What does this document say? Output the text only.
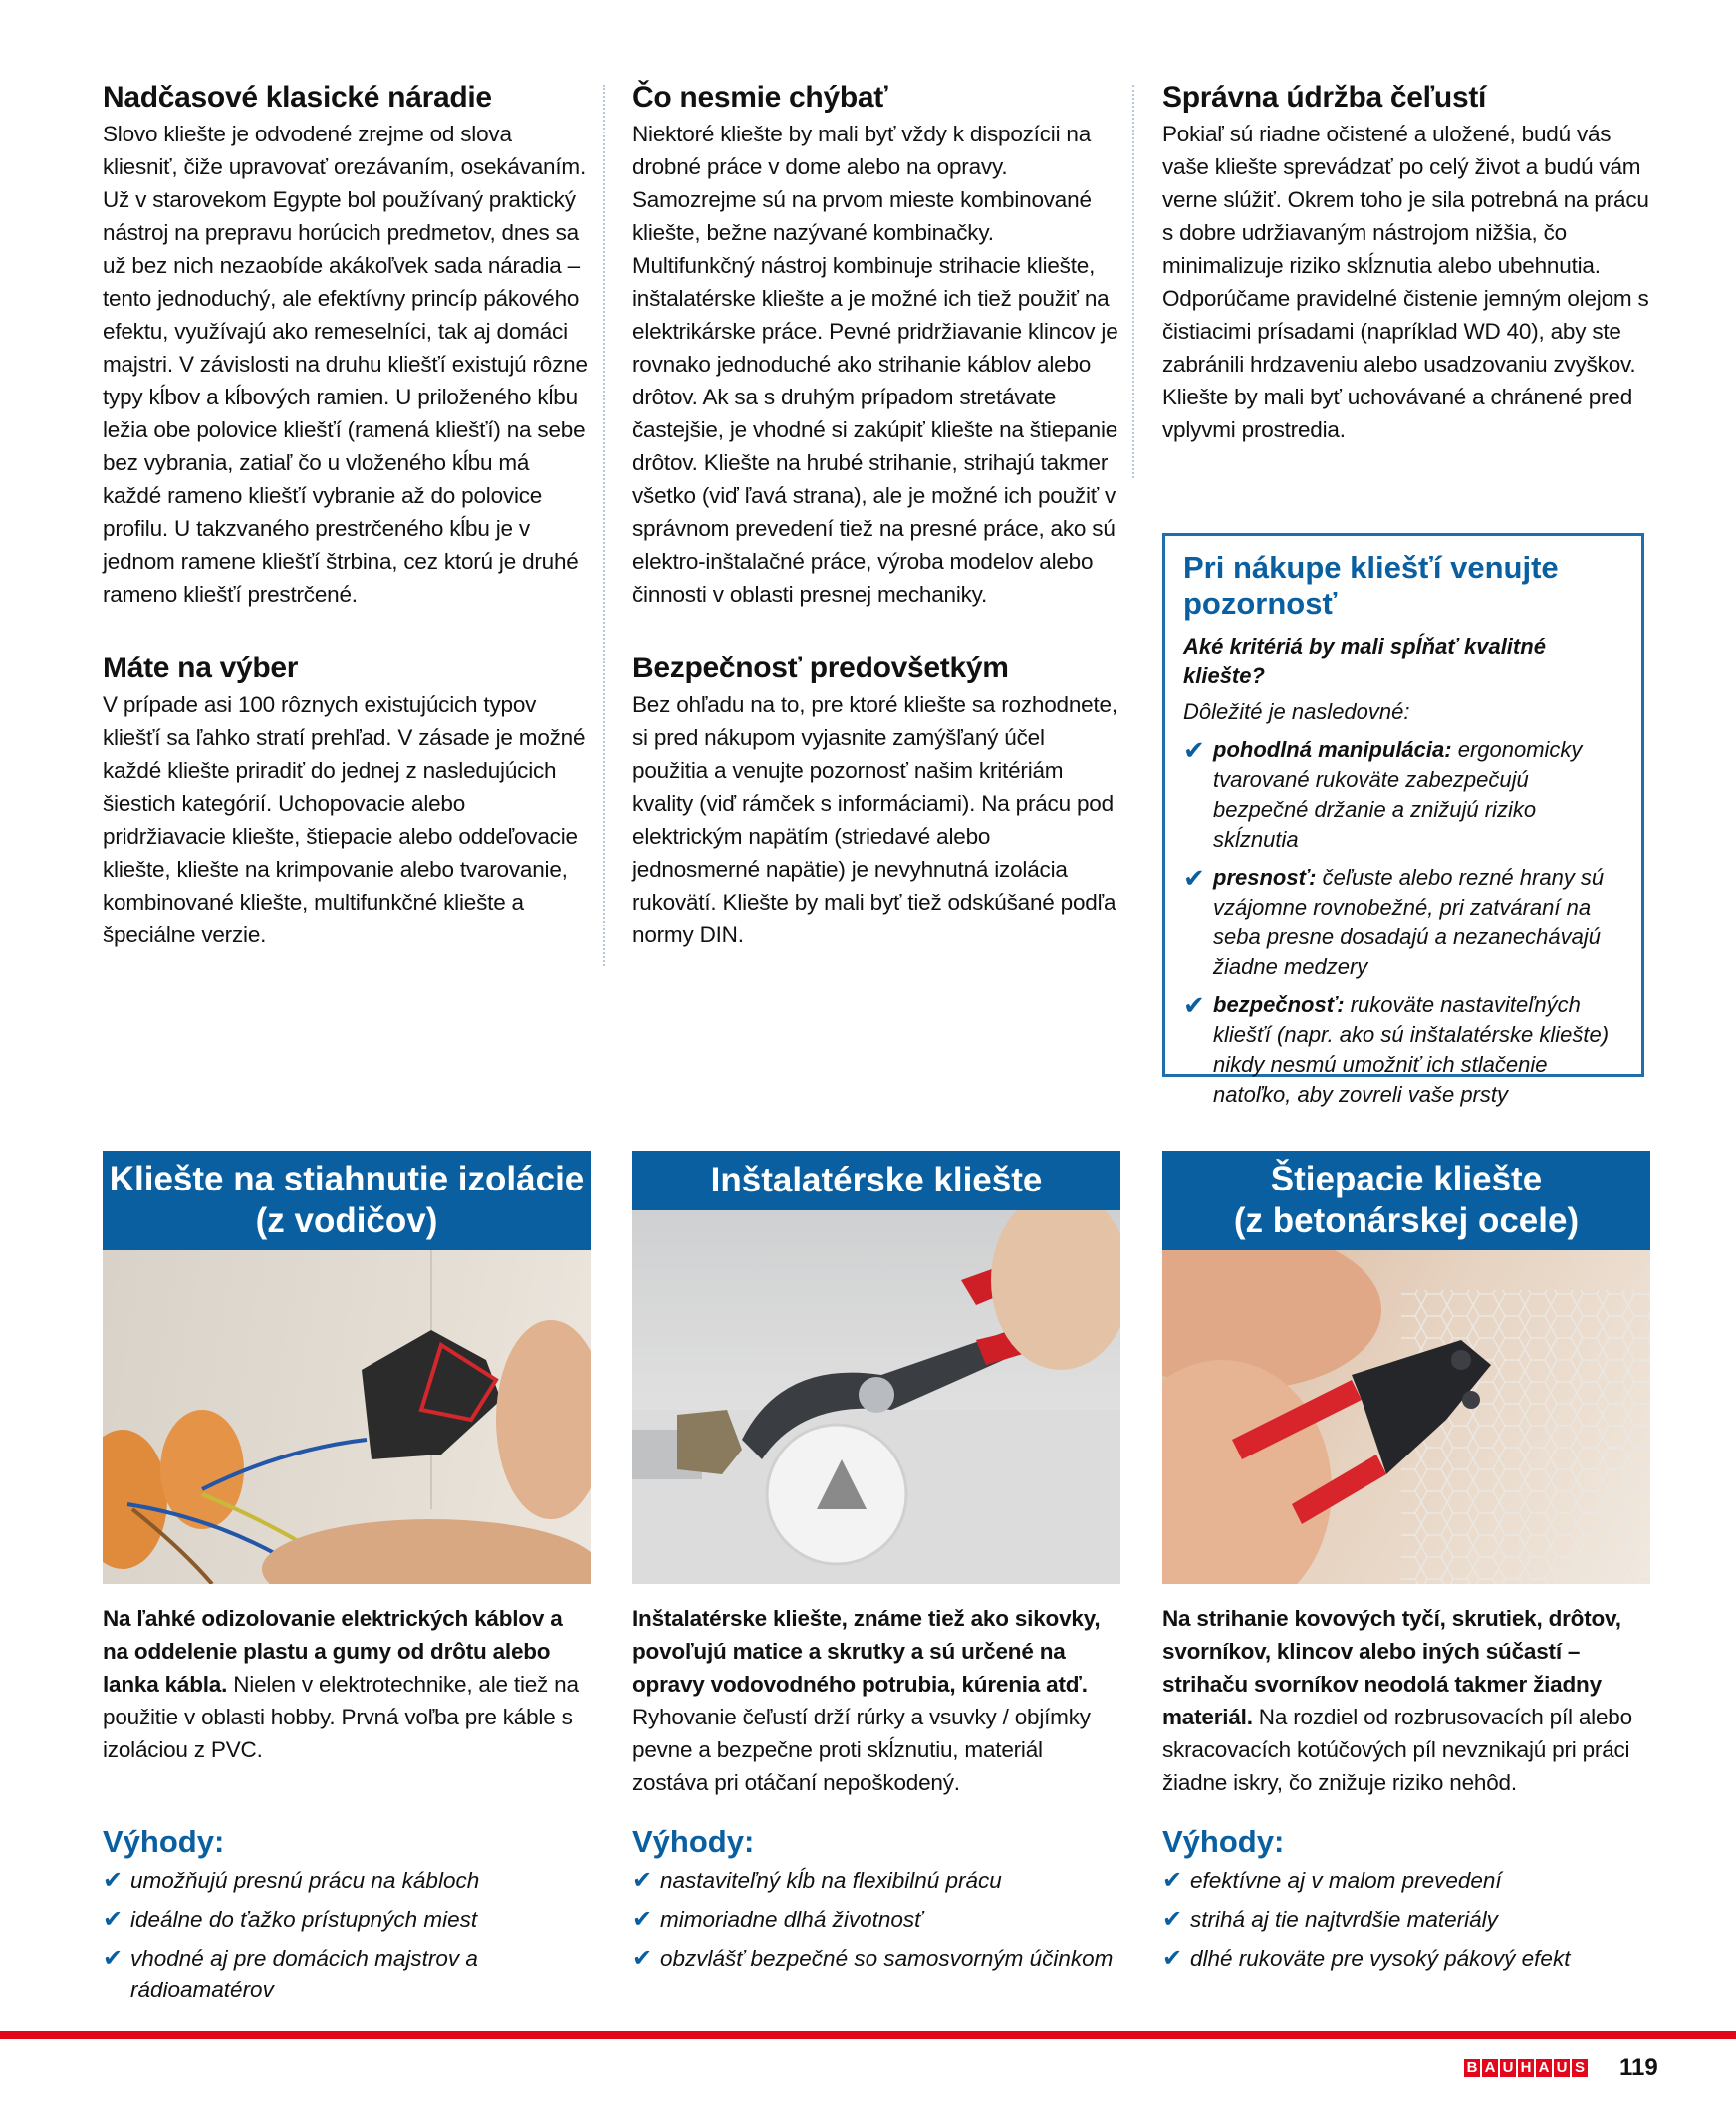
Nadčasové klasické náradie

Slovo kliešte je odvodené zrejme od slova kliesniť, čiže upravovať orezávaním, osekávaním. Už v starovekom Egypte bol používaný praktický nástroj na prepravu horúcich predmetov, dnes sa už bez nich nezaobíde akákoľvek sada náradia – tento jednoduchý, ale efektívny princíp pákového efektu, využívajú ako remeselníci, tak aj domáci majstri. V závislosti na druhu kliešťí existujú rôzne typy kĺbov a kĺbových ramien. U priloženého kĺbu ležia obe polovice kliešťí (ramená kliešťí) na sebe bez vybrania, zatiaľ čo u vloženého kĺbu má každé rameno kliešťí vybranie až do polovice profilu. U takzvaného prestrčeného kĺbu je v jednom ramene kliešťí štrbina, cez ktorú je druhé rameno kliešťí prestrčené.

Máte na výber

V prípade asi 100 rôznych existujúcich typov kliešťí sa ľahko stratí prehľad. V zásade je možné každé kliešte priradiť do jednej z nasledujúcich šiestich kategórií. Uchopovacie alebo pridržiavacie kliešte, štiepacie alebo oddeľovacie kliešte, kliešte na krimpovanie alebo tvarovanie, kombinované kliešte, multifunkčné kliešte a špeciálne verzie.

Čo nesmie chýbať

Niektoré kliešte by mali byť vždy k dispozícii na drobné práce v dome alebo na opravy. Samozrejme sú na prvom mieste kombinované kliešte, bežne nazývané kombinačky. Multifunkčný nástroj kombinuje strihacie kliešte, inštalatérske kliešte a je možné ich tiež použiť na elektrikárske práce. Pevné pridržiavanie klincov je rovnako jednoduché ako strihanie káblov alebo drôtov. Ak sa s druhým prípadom stretávate častejšie, je vhodné si zakúpiť kliešte na štiepanie drôtov. Kliešte na hrubé strihanie, strihajú takmer všetko (viď ľavá strana), ale je možné ich použiť v správnom prevedení tiež na presné práce, ako sú elektro-inštalačné práce, výroba modelov alebo činnosti v oblasti presnej mechaniky.

Bezpečnosť predovšetkým

Bez ohľadu na to, pre ktoré kliešte sa rozhodnete, si pred nákupom vyjasnite zamýšľaný účel použitia a venujte pozornosť našim kritériám kvality (viď rámček s informáciami). Na prácu pod elektrickým napätím (striedavé alebo jednosmerné napätie) je nevyhnutná izolácia rukovätí. Kliešte by mali byť tiež odskúšané podľa normy DIN.

Správna údržba čeľustí

Pokiaľ sú riadne očistené a uložené, budú vás vaše kliešte sprevádzať po celý život a budú vám verne slúžiť. Okrem toho je sila potrebná na prácu s dobre udržiavaným nástrojom nižšia, čo minimalizuje riziko skĺznutia alebo ubehnutia. Odporúčame pravidelné čistenie jemným olejom s čistiacimi prísadami (napríklad WD 40), aby ste zabránili hrdzaveniu alebo usadzovaniu zvyškov. Kliešte by mali byť uchovávané a chránené pred vplyvmi prostredia.

Pri nákupe kliešťí venujte pozornosť
Aké kritériá by mali spĺňať kvalitné kliešte?
Dôležité je nasledovné:
✔ pohodlná manipulácia: ergonomicky tvarované rukoväte zabezpečujú bezpečné držanie a znižujú riziko skĺznutia
✔ presnosť: čeľuste alebo rezné hrany sú vzájomne rovnobežné, pri zatváraní na seba presne dosadajú a nezanechávajú žiadne medzery
✔ bezpečnosť: rukoväte nastaviteľných kliešťí (napr. ako sú inštalatérske kliešte) nikdy nesmú umožniť ich stlačenie natoľko, aby zovreli vaše prsty
Kliešte na stiahnutie izolácie
(z vodičov)
Na ľahké odizolovanie elektrických káblov a na oddelenie plastu a gumy od drôtu alebo lanka kábla. Nielen v elektrotechnike, ale tiež na použitie v oblasti hobby. Prvná voľba pre káble s izoláciou z PVC.
Inštalatérske kliešte
Inštalatérske kliešte, známe tiež ako sikovky, povoľujú matice a skrutky a sú určené na opravy vodovodného potrubia, kúrenia atď. Ryhovanie čeľustí drží rúrky a vsuvky / objímky pevne a bezpečne proti skĺznutiu, materiál zostáva pri otáčaní nepoškodený.
Štiepacie kliešte
(z betonárskej ocele)
Na strihanie kovových tyčí, skrutiek, drôtov, svorníkov, klincov alebo iných súčastí – strihaču svorníkov neodolá takmer žiadny materiál. Na rozdiel od rozbrusovacích píl alebo skracovacích kotúčových píl nevznikajú pri práci žiadne iskry, čo znižuje riziko nehôd.
Výhody:
✔ umožňujú presnú prácu na kábloch
✔ ideálne do ťažko prístupných miest
✔ vhodné aj pre domácich majstrov a rádioamatérov
Výhody:
✔ nastaviteľný kĺb na flexibilnú prácu
✔ mimoriadne dlhá životnosť
✔ obzvlášť bezpečné so samosvorným účinkom
Výhody:
✔ efektívne aj v malom prevedení
✔ strihá aj tie najtvrdšie materiály
✔ dlhé rukoväte pre vysoký pákový efekt
B A U H A U S 119
